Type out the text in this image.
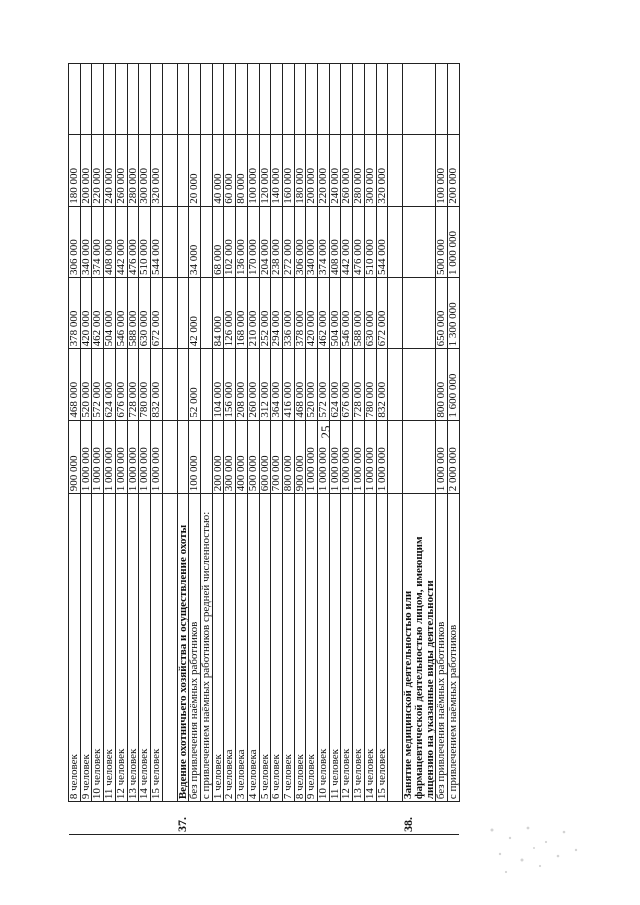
25
	8 человек	900 000	468 000	378 000	306 000	180 000	
	9 человек	1 000 000	520 000	420 000	340 000	200 000	
	10 человек	1 000 000	572 000	462 000	374 000	220 000	
	11 человек	1 000 000	624 000	504 000	408 000	240 000	
	12 человек	1 000 000	676 000	546 000	442 000	260 000	
	13 человек	1 000 000	728 000	588 000	476 000	280 000	
	14 человек	1 000 000	780 000	630 000	510 000	300 000	
	15 человек	1 000 000	832 000	672 000	544 000	320 000	

37.	Ведение охотничьего хозяйства и осуществление охоты						
	без привлечения наёмных работников	100 000	52 000	42 000	34 000	20 000	
	с привлечением наёмных работников средней численностью:						
	1 человек	200 000	104 000	84 000	68 000	40 000	
	2 человека	300 000	156 000	126 000	102 000	60 000	
	3 человека	400 000	208 000	168 000	136 000	80 000	
	4 человека	500 000	260 000	210 000	170 000	100 000	
	5 человек	600 000	312 000	252 000	204 000	120 000	
	6 человек	700 000	364 000	294 000	238 000	140 000	
	7 человек	800 000	416 000	336 000	272 000	160 000	
	8 человек	900 000	468 000	378 000	306 000	180 000	
	9 человек	1 000 000	520 000	420 000	340 000	200 000	
	10 человек	1 000 000	572 000	462 000	374 000	220 000	
	11 человек	1 000 000	624 000	504 000	408 000	240 000	
	12 человек	1 000 000	676 000	546 000	442 000	260 000	
	13 человек	1 000 000	728 000	588 000	476 000	280 000	
	14 человек	1 000 000	780 000	630 000	510 000	300 000	
	15 человек	1 000 000	832 000	672 000	544 000	320 000	

38.	Занятие медицинской деятельностью или фармацевтической деятельностью лицом, имеющим лицензию на указанные виды деятельности						
	без привлечения наёмных работников	1 000 000	800 000	650 000	500 000	100 000	
	с привлечением наёмных работников	2 000 000	1 600 000	1 300 000	1 000 000	200 000	
